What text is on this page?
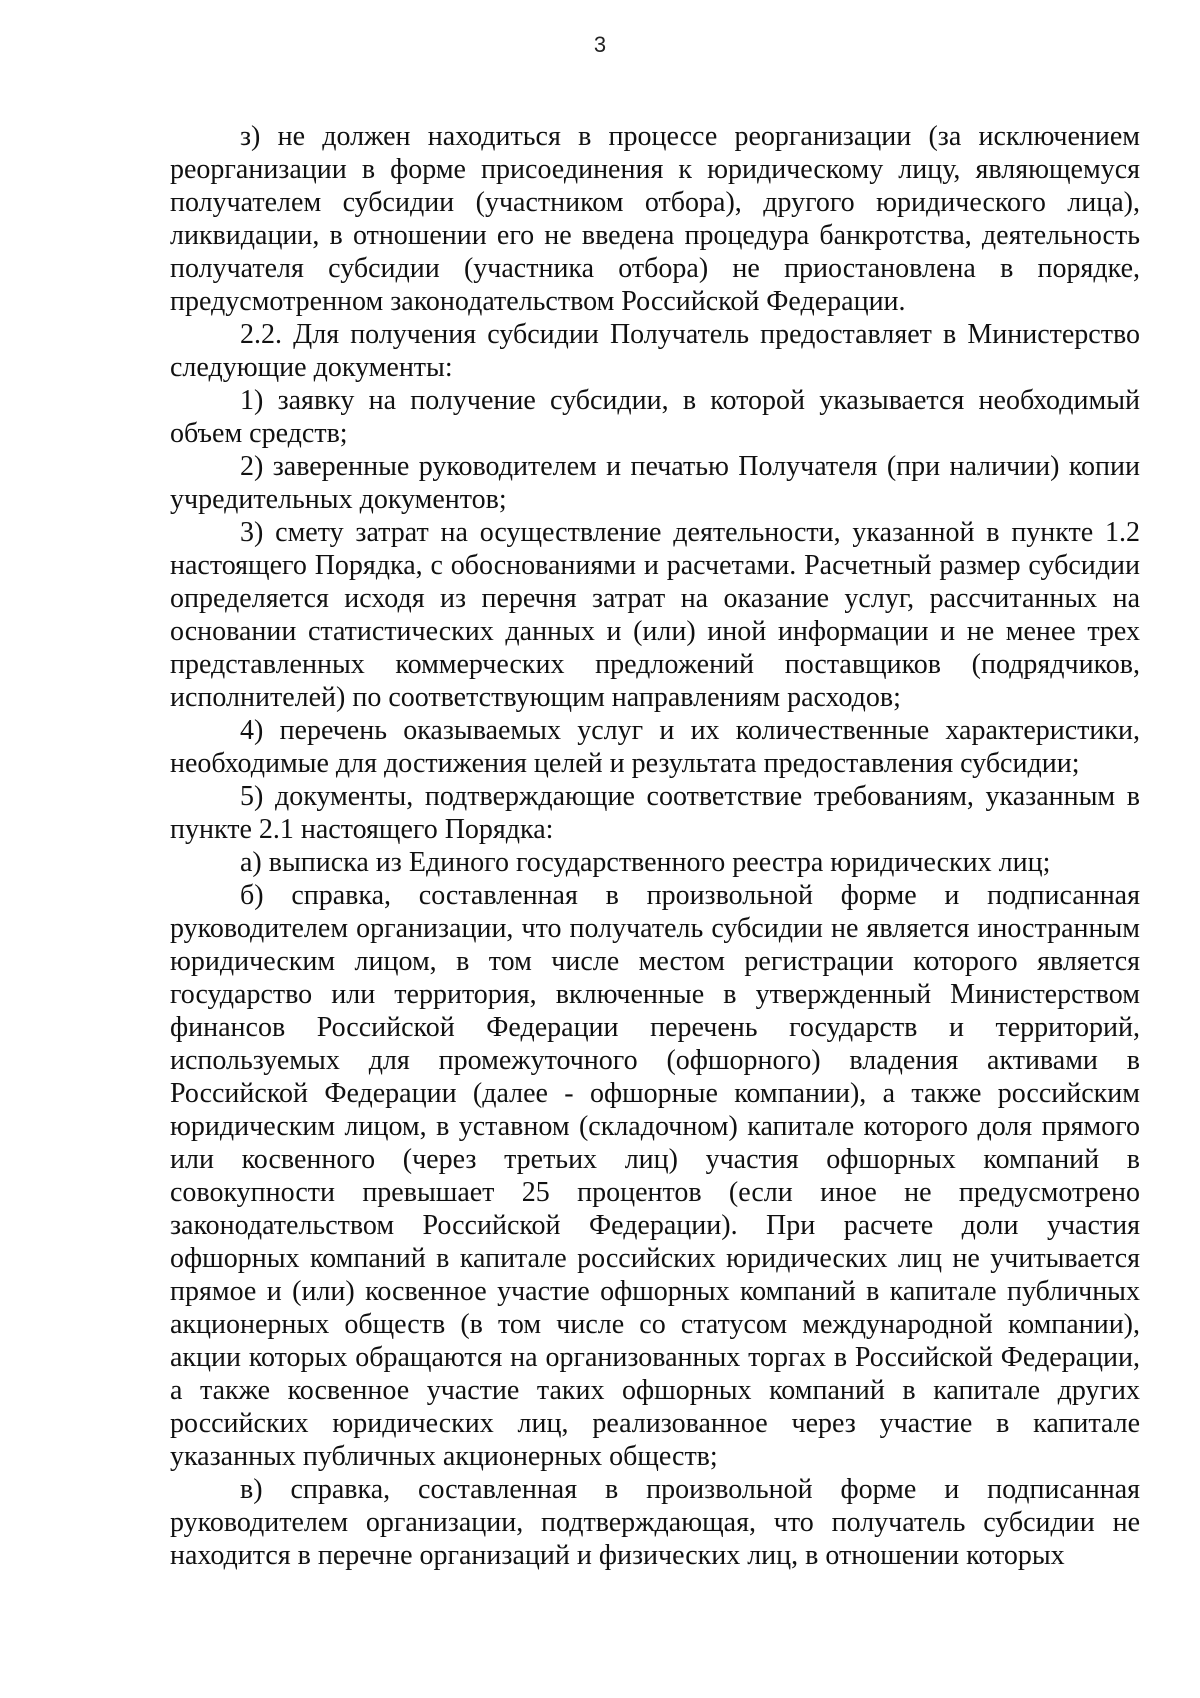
3

з) не должен находиться в процессе реорганизации (за исключением реорганизации в форме присоединения к юридическому лицу, являющемуся получателем субсидии (участником отбора), другого юридического лица), ликвидации, в отношении его не введена процедура банкротства, деятельность получателя субсидии (участника отбора) не приостановлена в порядке, предусмотренном законодательством Российской Федерации.

2.2. Для получения субсидии Получатель предоставляет в Министерство следующие документы:

1) заявку на получение субсидии, в которой указывается необходимый объем средств;

2) заверенные руководителем и печатью Получателя (при наличии) копии учредительных документов;

3) смету затрат на осуществление деятельности, указанной в пункте 1.2 настоящего Порядка, с обоснованиями и расчетами. Расчетный размер субсидии определяется исходя из перечня затрат на оказание услуг, рассчитанных на основании статистических данных и (или) иной информации и не менее трех представленных коммерческих предложений поставщиков (подрядчиков, исполнителей) по соответствующим направлениям расходов;

4) перечень оказываемых услуг и их количественные характеристики, необходимые для достижения целей и результата предоставления субсидии;

5) документы, подтверждающие соответствие требованиям, указанным в пункте 2.1 настоящего Порядка:

а) выписка из Единого государственного реестра юридических лиц;

б) справка, составленная в произвольной форме и подписанная руководителем организации, что получатель субсидии не является иностранным юридическим лицом, в том числе местом регистрации которого является государство или территория, включенные в утвержденный Министерством финансов Российской Федерации перечень государств и территорий, используемых для промежуточного (офшорного) владения активами в Российской Федерации (далее - офшорные компании), а также российским юридическим лицом, в уставном (складочном) капитале которого доля прямого или косвенного (через третьих лиц) участия офшорных компаний в совокупности превышает 25 процентов (если иное не предусмотрено законодательством Российской Федерации). При расчете доли участия офшорных компаний в капитале российских юридических лиц не учитывается прямое и (или) косвенное участие офшорных компаний в капитале публичных акционерных обществ (в том числе со статусом международной компании), акции которых обращаются на организованных торгах в Российской Федерации, а также косвенное участие таких офшорных компаний в капитале других российских юридических лиц, реализованное через участие в капитале указанных публичных акционерных обществ;

в) справка, составленная в произвольной форме и подписанная руководителем организации, подтверждающая, что получатель субсидии не находится в перечне организаций и физических лиц, в отношении которых
